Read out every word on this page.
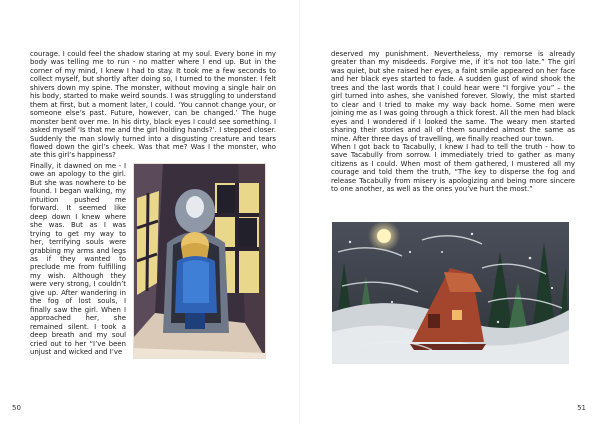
courage. I could feel the shadow staring at my soul. Every bone in my body was telling me to run - no matter where I end up. But in the corner of my mind, I knew I had to stay. It took me a few seconds to collect myself, but shortly after doing so, I turned to the monster. I felt shivers down my spine. The monster, without moving a single hair on his body, started to make weird sounds. I was struggling to understand them at first, but a moment later, I could. ‘You cannot change your, or someone else’s past. Future, however, can be changed.’ The huge monster bent over me. In his dirty, black eyes I could see something. I asked myself ‘Is that me and the girl holding hands?’. I stepped closer. Suddenly the man slowly turned into a disgusting creature and tears flowed down the girl’s cheek. Was that me? Was I the monster, who ate this girl’s happiness?

Finally, it dawned on me - I owe an apology to the girl. But she was nowhere to be found. I began walking, my intuition pushed me forward. It seemed like deep down I knew where she was. But as I was trying to get my way to her, terrifying souls were grabbing my arms and legs as if they wanted to preclude me from fulfilling my wish. Although they were very strong, I couldn’t give up. After wandering in the fog of lost souls, I finally saw the girl. When I approached her, she remained silent. I took a deep breath and my soul cried out to her “I’ve been unjust and wicked and I’ve

50

deserved my punishment. Nevertheless, my remorse is already greater than my misdeeds. Forgive me, if it’s not too late.” The girl was quiet, but she raised her eyes, a faint smile appeared on her face and her black eyes started to fade. A sudden gust of wind shook the trees and the last words that I could hear were “I forgive you” – the girl turned into ashes, she vanished forever. Slowly, the mist started to clear and I tried to make my way back home. Some men were joining me as I was going through a thick forest. All the men had black eyes and I wondered if I looked the same. The weary men started sharing their stories and all of them sounded almost the same as mine. After three days of travelling, we finally reached our town.

When I got back to Tacabully, I knew I had to tell the truth - how to save Tacabully from sorrow. I immediately tried to gather as many citizens as I could. When most of them gathered, I mustered all my courage and told them the truth, “The key to disperse the fog and release Tacabully from misery is apologizing and being more sincere to one another, as well as the ones you’ve hurt the most.”

51
